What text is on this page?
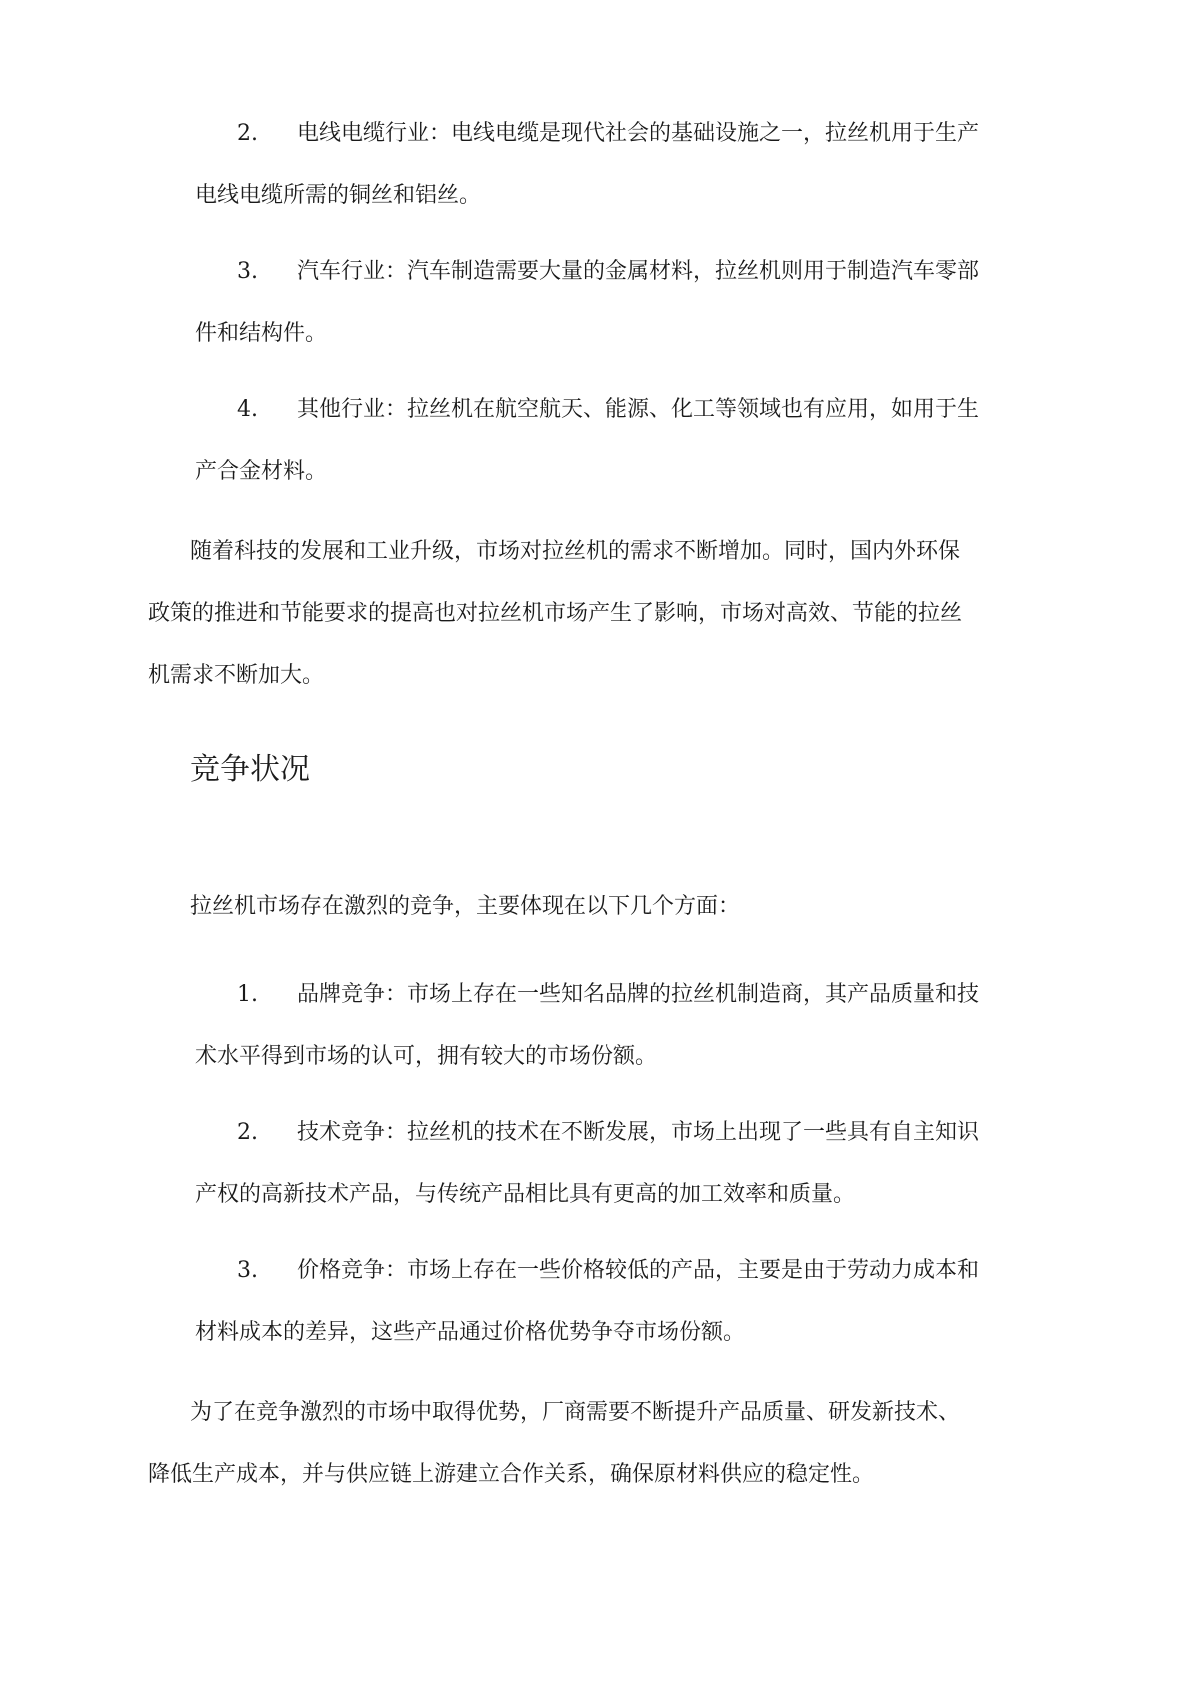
2.	电线电缆行业：电线电缆是现代社会的基础设施之一，拉丝机用于生产
电线电缆所需的铜丝和铝丝。
3.	汽车行业：汽车制造需要大量的金属材料，拉丝机则用于制造汽车零部
件和结构件。
4.	其他行业：拉丝机在航空航天、能源、化工等领域也有应用，如用于生
产合金材料。
随着科技的发展和工业升级，市场对拉丝机的需求不断增加。同时，国内外环保
政策的推进和节能要求的提高也对拉丝机市场产生了影响，市场对高效、节能的拉丝
机需求不断加大。
竞争状况
拉丝机市场存在激烈的竞争，主要体现在以下几个方面：
1.	品牌竞争：市场上存在一些知名品牌的拉丝机制造商，其产品质量和技
术水平得到市场的认可，拥有较大的市场份额。
2.	技术竞争：拉丝机的技术在不断发展，市场上出现了一些具有自主知识
产权的高新技术产品，与传统产品相比具有更高的加工效率和质量。
3.	价格竞争：市场上存在一些价格较低的产品，主要是由于劳动力成本和
材料成本的差异，这些产品通过价格优势争夺市场份额。
为了在竞争激烈的市场中取得优势，厂商需要不断提升产品质量、研发新技术、
降低生产成本，并与供应链上游建立合作关系，确保原材料供应的稳定性。
